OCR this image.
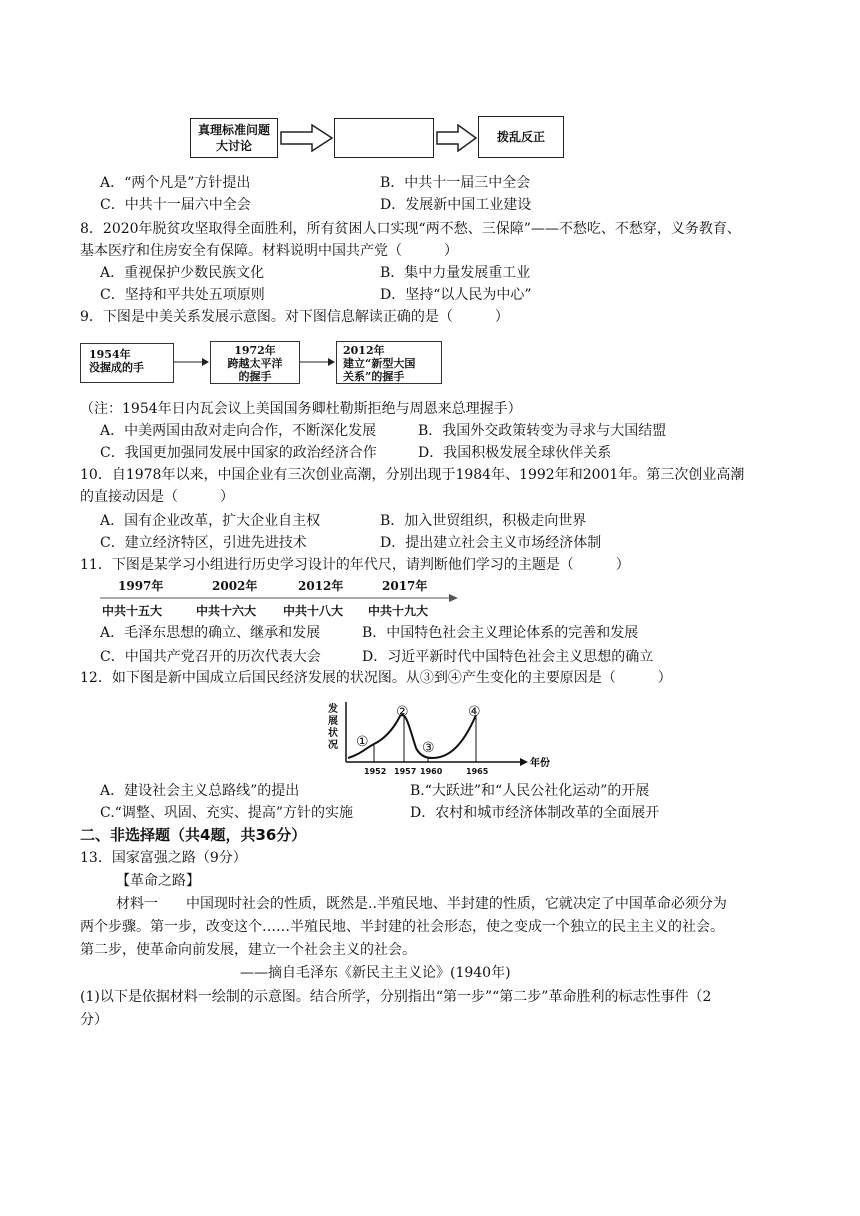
真理标准问题
大讨论
拨乱反正
A．“两个凡是”方针提出	B．中共十一届三中全会
C．中共十一届六中全会	D．发展新中国工业建设
8．2020年脱贫攻坚取得全面胜利，所有贫困人口实现“两不愁、三保障”——不愁吃、不愁穿，义务教育、
基本医疗和住房安全有保障。材料说明中国共产党（　　　）
A．重视保护少数民族文化	B．集中力量发展重工业
C．坚持和平共处五项原则	D．坚持“以人民为中心”
9．下图是中美关系发展示意图。对下图信息解读正确的是（　　　）
1954年
没握成的手
1972年
跨越太平洋
的握手
2012年
建立“新型大国
关系”的握手
（注：1954年日内瓦会议上美国国务卿杜勒斯拒绝与周恩来总理握手）
A．中美两国由敌对走向合作，不断深化发展	B．我国外交政策转变为寻求与大国结盟
C．我国更加强同发展中国家的政治经济合作	D．我国积极发展全球伙伴关系
10．自1978年以来，中国企业有三次创业高潮，分别出现于1984年、1992年和2001年。第三次创业高潮
的直接动因是（　　　）
A．国有企业改革，扩大企业自主权	B．加入世贸组织，积极走向世界
C．建立经济特区，引进先进技术	D．提出建立社会主义市场经济体制
11．下图是某学习小组进行历史学习设计的年代尺，请判断他们学习的主题是（　　　）
1997年	2002年	2012年	2017年
中共十五大	中共十六大 中共十八大 中共十九大
A．毛泽东思想的确立、继承和发展	B．中国特色社会主义理论体系的完善和发展
C．中国共产党召开的历次代表大会	D．习近平新时代中国特色社会主义思想的确立
12．如下图是新中国成立后国民经济发展的状况图。从③到④产生变化的主要原因是（　　　）
发
展
状
况
年份
①
②
③
④
1952 1957 1960	1965
A．建设社会主义总路线”的提出	B.“大跃进”和“人民公社化运动”的开展
C.“调整、巩固、充实、提高”方针的实施	D．农村和城市经济体制改革的全面展开
二、非选择题（共4题，共36分）
13．国家富强之路（9分）
【革命之路】
材料一　　中国现时社会的性质，既然是..半殖民地、半封建的性质，它就决定了中国革命必须分为
两个步骤。第一步，改变这个……半殖民地、半封建的社会形态，使之变成一个独立的民主主义的社会。
第二步，使革命向前发展，建立一个社会主义的社会。
——摘自毛泽东《新民主主义论》(1940年)
(1)以下是依据材料一绘制的示意图。结合所学，分别指出“第一步”“第二步”革命胜利的标志性事件（2
分）
